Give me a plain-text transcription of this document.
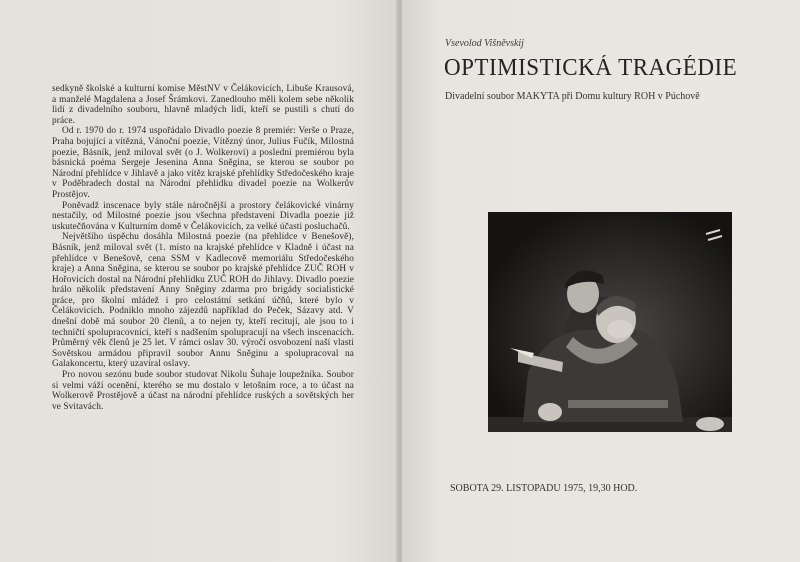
sedkyně školské a kulturní komise MěstNV v Čelákovicích, Libuše Krausová, a manželé Magdalena a Josef Šrámkovi. Zanedlouho měli kolem sebe několik lidí z divadelního souboru, hlavně mladých lidí, kteří se pustili s chutí do práce.

Od r. 1970 do r. 1974 uspořádalo Divadlo poezie 8 premiér: Verše o Praze, Praha bojující a vítězná, Vánoční poezie, Vítězný únor, Julius Fučík, Milostná poezie, Básník, jenž miloval svět (o J. Wolkerovi) a poslední premiérou byla básnická poéma Sergeje Jesenina Anna Sněgina, se kterou se soubor po Národní přehlídce v Jihlavě a jako vítěz krajské přehlídky Středočeského kraje v Poděbradech dostal na Národní přehlídku divadel poezie na Wolkerův Prostějov.

Poněvadž inscenace byly stále náročnější a prostory čelákovické vinárny nestačily, od Milostné poezie jsou všechna představení Divadla poezie již uskutečňována v Kulturním domě v Čelákovicích, za velké účasti posluchačů.

Největšího úspěchu dosáhla Milostná poezie (na přehlídce v Benešově), Básník, jenž miloval svět (1. místo na krajské přehlídce v Kladně i účast na přehlídce v Benešově, cena SSM v Kadlecově memoriálu Středočeského kraje) a Anna Sněgina, se kterou se soubor po krajské přehlídce ZUČ ROH v Hořovicích dostal na Národní přehlídku ZUČ ROH do Jihlavy. Divadlo poezie hrálo několik představení Anny Sněginy zdarma pro brigády socialistické práce, pro školní mládež i pro celostátní setkání účňů, které bylo v Čelákovicích. Podniklo mnoho zájezdů například do Peček, Sázavy atd. V dnešní době má soubor 20 členů, a to nejen ty, kteří recitují, ale jsou to i techničtí spolupracovníci, kteří s nadšením spolupracují na všech inscenacích. Průměrný věk členů je 25 let. V rámci oslav 30. výročí osvobození naší vlasti Sovětskou armádou připravil soubor Annu Sněginu a spolupracoval na Galakoncertu, který uzavíral oslavy.

Pro novou sezónu bude soubor studovat Nikolu Šuhaje loupežníka. Soubor si velmi váží ocenění, kterého se mu dostalo v letošním roce, a to účast na Wolkerově Prostějově a účast na národní přehlídce ruských a sovětských her ve Svitavách.

Vsevolod Višněvskij
OPTIMISTICKÁ TRAGÉDIE
Divadelní soubor MAKYTA při Domu kultury ROH v Púchově
SOBOTA 29. LISTOPADU 1975, 19,30 HOD.
